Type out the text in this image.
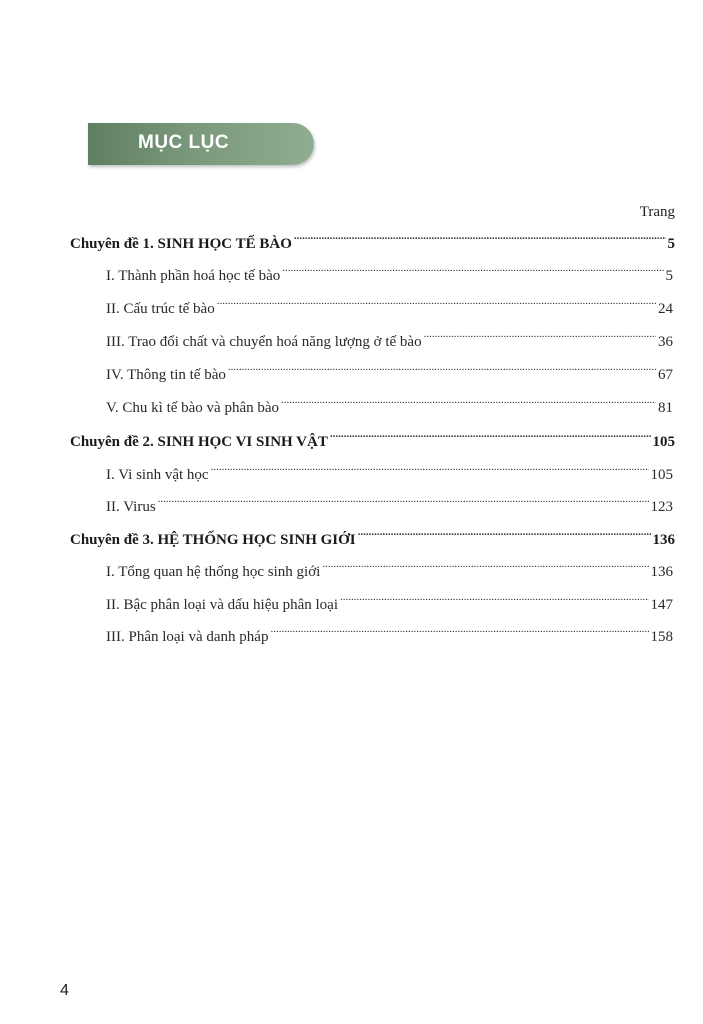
MỤC LỤC
Trang
Chuyên đề 1. SINH HỌC TẾ BÀO .....	5
I. Thành phần hoá học tế bào .....	5
II. Cấu trúc tế bào .....	24
III. Trao đổi chất và chuyển hoá năng lượng ở tế bào .....	36
IV. Thông tin tế bào .....	67
V. Chu kì tế bào và phân bào .....	81
Chuyên đề 2. SINH HỌC VI SINH VẬT .....	105
I. Vi sinh vật học .....	105
II. Virus .....	123
Chuyên đề 3. HỆ THỐNG HỌC SINH GIỚI .....	136
I. Tổng quan hệ thống học sinh giới .....	136
II. Bậc phân loại và dấu hiệu phân loại .....	147
III. Phân loại và danh pháp .....	158
4
